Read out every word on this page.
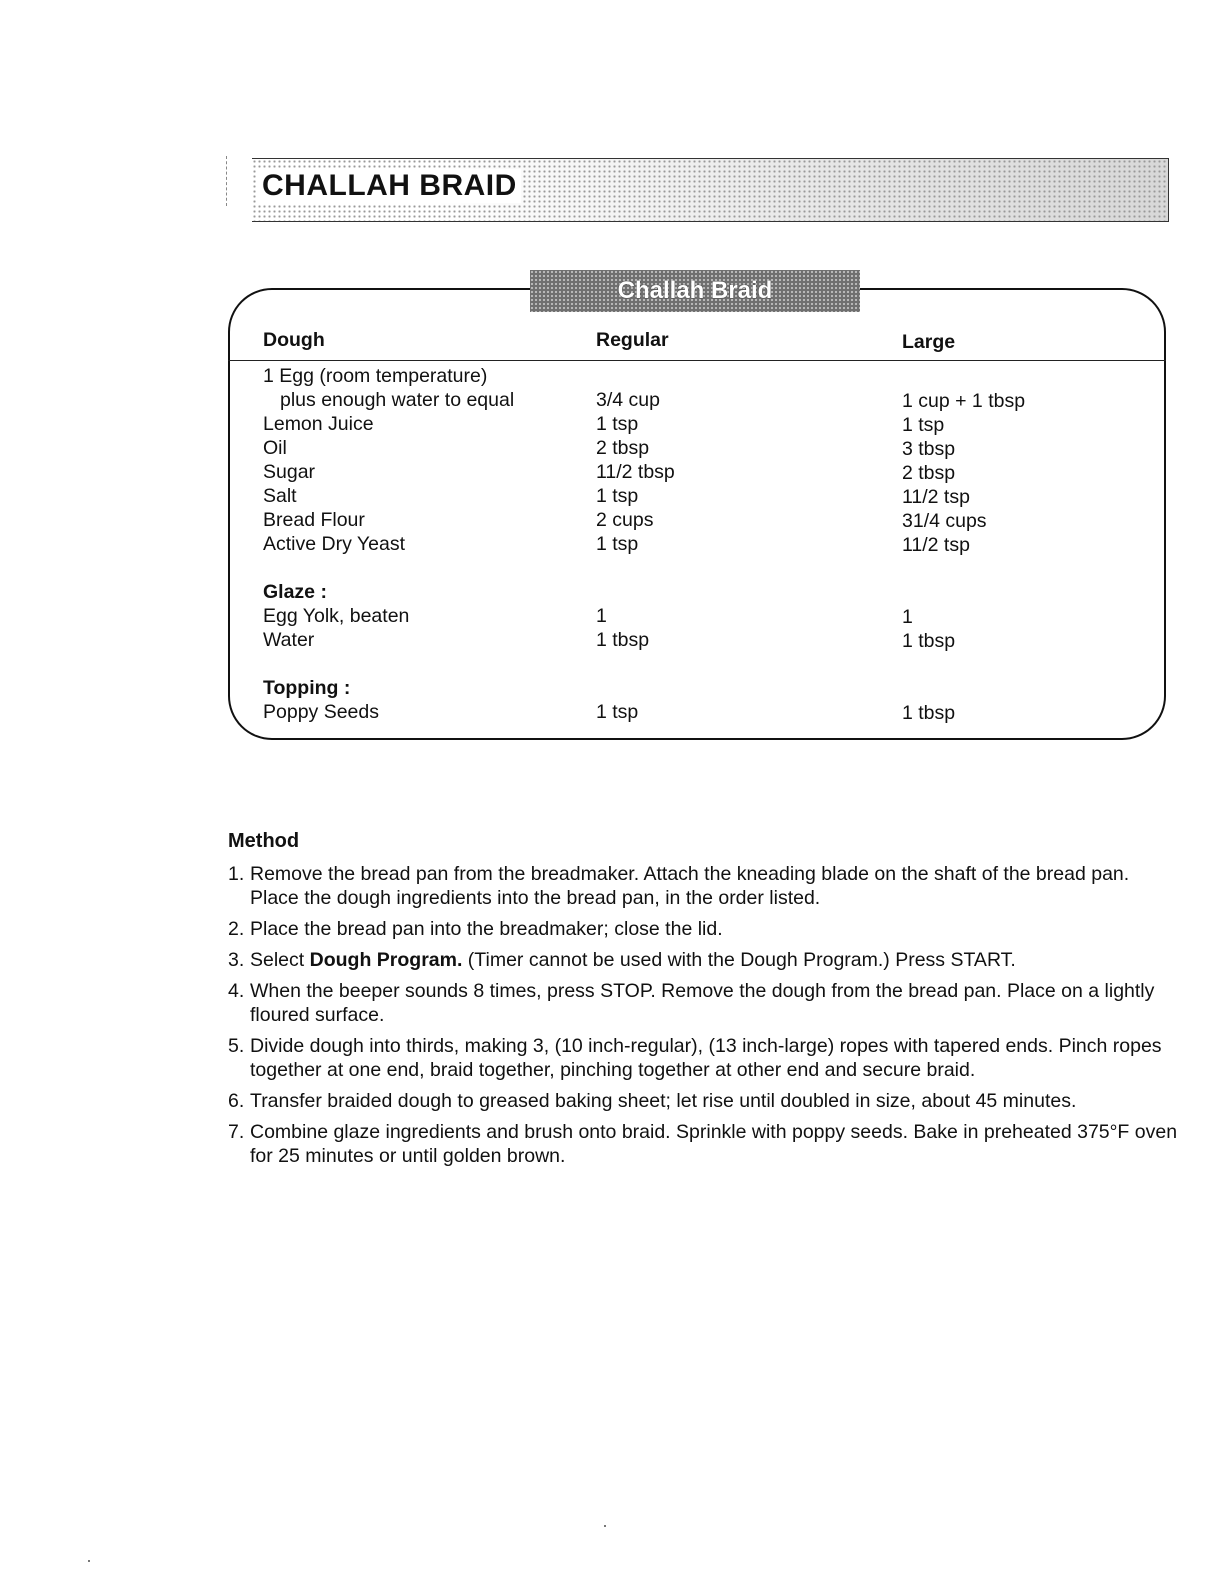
CHALLAH BRAID
Challah Braid
Dough	Regular	Large
1 Egg (room temperature)
plus enough water to equal	3/4 cup	1 cup + 1 tbsp
Lemon Juice	1 tsp	1 tsp
Oil	2 tbsp	3 tbsp
Sugar	11/2 tbsp	2 tbsp
Salt	1 tsp	11/2 tsp
Bread Flour	2 cups	31/4 cups
Active Dry Yeast	1 tsp	11/2 tsp
Glaze :
Egg Yolk, beaten	1	1
Water	1 tbsp	1 tbsp
Topping :
Poppy Seeds	1 tsp	1 tbsp
Method
1. Remove the bread pan from the breadmaker. Attach the kneading blade on the shaft of the bread pan. Place the dough ingredients into the bread pan, in the order listed.
2. Place the bread pan into the breadmaker; close the lid.
3. Select Dough Program. (Timer cannot be used with the Dough Program.) Press START.
4. When the beeper sounds 8 times, press STOP. Remove the dough from the bread pan. Place on a lightly floured surface.
5. Divide dough into thirds, making 3, (10 inch-regular), (13 inch-large) ropes with tapered ends. Pinch ropes together at one end, braid together, pinching together at other end and secure braid.
6. Transfer braided dough to greased baking sheet; let rise until doubled in size, about 45 minutes.
7. Combine glaze ingredients and brush onto braid. Sprinkle with poppy seeds. Bake in preheated 375°F oven for 25 minutes or until golden brown.
